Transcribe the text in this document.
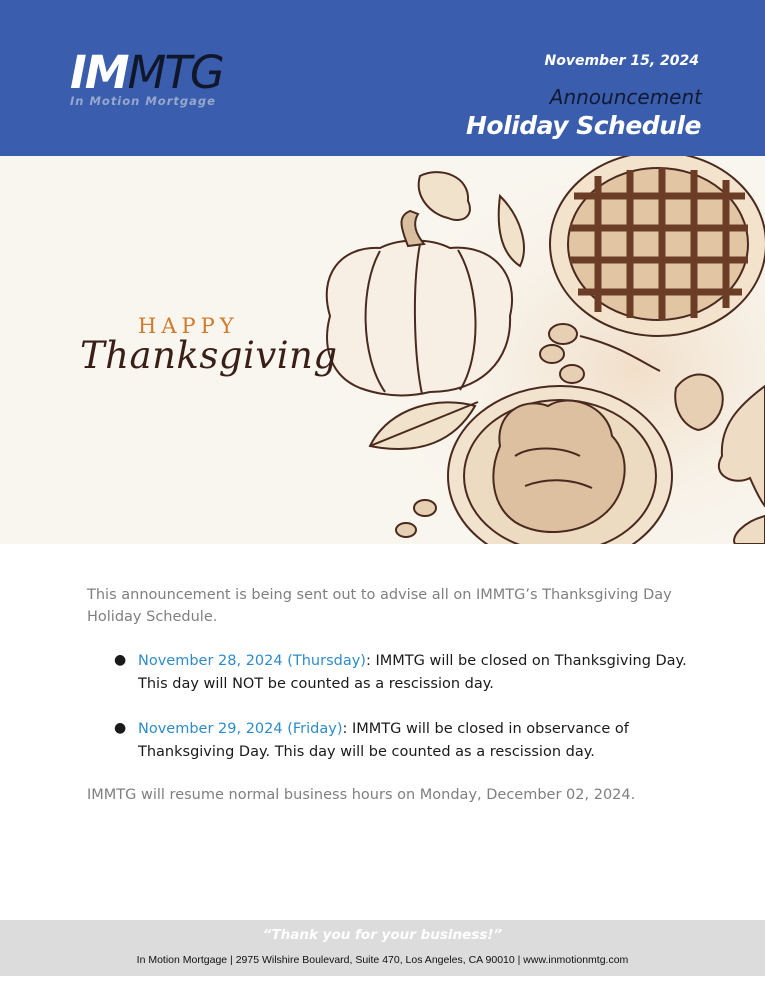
IMMTG
In Motion Mortgage
November 15, 2024
Announcement
Holiday Schedule
HAPPY
Thanksgiving

This announcement is being sent out to advise all on IMMTG’s Thanksgiving Day Holiday Schedule.

● November 28, 2024 (Thursday): IMMTG will be closed on Thanksgiving Day. This day will NOT be counted as a rescission day.
● November 29, 2024 (Friday): IMMTG will be closed in observance of Thanksgiving Day. This day will be counted as a rescission day.

IMMTG will resume normal business hours on Monday, December 02, 2024.

“Thank you for your business!”
In Motion Mortgage | 2975 Wilshire Boulevard, Suite 470, Los Angeles, CA 90010 | www.inmotionmtg.com
